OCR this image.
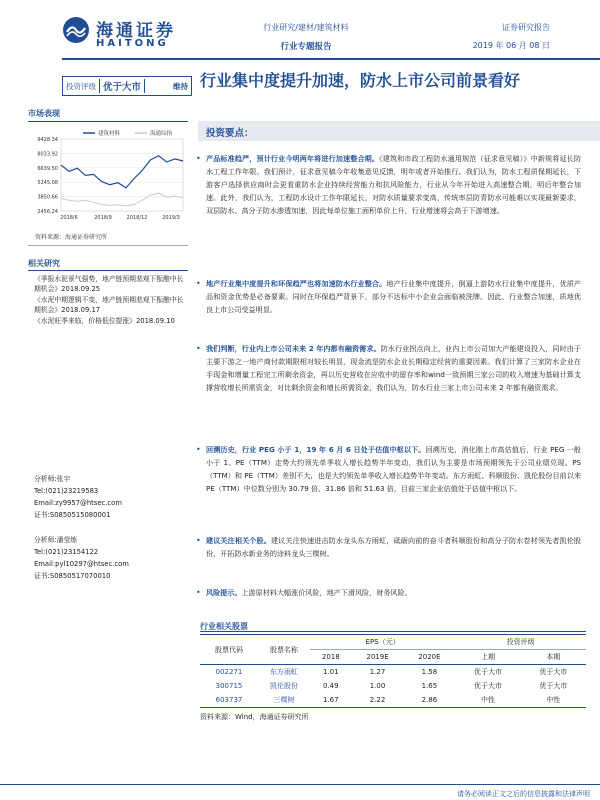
海通证券
HAITONG
行业研究/建材/建筑材料
行业专题报告
证券研究报告
2019 年 06 月 08 日
投资评级 优于大市	维持 行业集中度提升加速，防水上市公司前景看好
投资要点：
市场表现
9428.34
8033.92
6639.50
5245.08
3850.66
2456.24
2018/6	2018/9	2018/12	2019/3
建筑材料	海通综指
资料来源：海通证券研究所
相关研究
《季报水泥景气强势，地产链预期悲观下酝酿中长期机会》2018.09.25
《水泥中期逻辑不变，地产链预期悲观下酝酿中长期机会》2018.09.17
《水泥旺季来临，价格低位提涨》2018.09.10
分析师:张宇
Tel:(021)23219583
Email:zy9957@htsec.com
证书:S0850515080001
分析师:潘莹练
Tel:(021)23154122
Email:pyl10297@htsec.com
证书:S0850517070010
• 产品标准趋严，预计行业今明两年将进行加速整合期。《建筑和市政工程防水通用规范（征求意见稿）》中新规将延长防水工程工作年限。我们预计，征求意见稿今年收集意见反馈，明年或者开始推行。我们认为，防水工程质保期延长，下游客户选择供应商时会更看重防水企业持续经营能力和抗风险能力，行业从今年开始进入高速整合期，明后年整合加速。此外，我们认为，工程防水设计工作年限延长，对防水质量要求变高，传统率层防青防水可能难以实现最新要求，双层防水、高分子防水渗透加速，因此每单位施工面积单价上升，行业增速将会高于下游增速。
• 地产行业集中度提升和环保趋严也将加速防水行业整合。地产行业集中度提升，倒逼上游防水行业集中度提升，优质产品和资金优势是必备要素。同时在环保趋严背景下，部分不达标中小企业会面临被洗牌。因此，行业整合加速，质地优良上市公司受益明显。
• 我们判断，行业内上市公司未来 2 年内都有融资需求。防水行业拐点向上，业内上市公司加大产能建设投入，同时由于主要下游之一地产商付款期限相对较长明显，现金流是防水企业长期稳定经营的重要因素。我们计算了三家防水企业在手现金和增量工程完工所剩余资金，再以历史营收在应收中的留存率和wind一致预期三家公司的收入增速为基础计算支撑营收增长所需资金，对比剩余资金和增长所需资金，我们认为，防水行业三家上市公司未来 2 年都有融资需求。
• 回溯历史，行业 PEG 小于 1，19 年 6 月 6 日处于估值中枢以下。回溯历史，消化刚上市高估值后，行业 PEG 一般小于 1。PE（TTM）走势大约领先单季收入增长趋势半年变动，我们认为主要是市场预期领先于公司业绩兑现。PS（TTM）和 PE（TTM）差别不大，也是大约领先单季收入增长趋势半年变动。东方雨虹、科顺股份、凯伦股份目前以来 PE（TTM）中位数分别为 30.79 倍、31.86 倍和 51.63 倍，目前三家企业估值处于估值中枢以下。
• 建议关注相关个股。建议关注快速进击防水龙头东方雨虹，砥砺向前的奋斗者科顺股份和高分子防水卷材领先者凯伦股份，开拓防水新业务的涂料龙头三棵树。
• 风险提示。上游原材料大幅涨价风险，地产下滑风险，财务风险。
行业相关股票
股票代码	股票名称	EPS（元）			投资评级	
		2018	2019E	2020E	上期	本期
002271	东方雨虹	1.01	1.27	1.58	优于大市	优于大市
300715	凯伦股份	0.49	1.00	1.65	优于大市	优于大市
603737	三棵树	1.67	2.22	2.86	中性	中性
资料来源：Wind，海通证券研究所
请务必阅读正文之后的信息披露和法律声明
